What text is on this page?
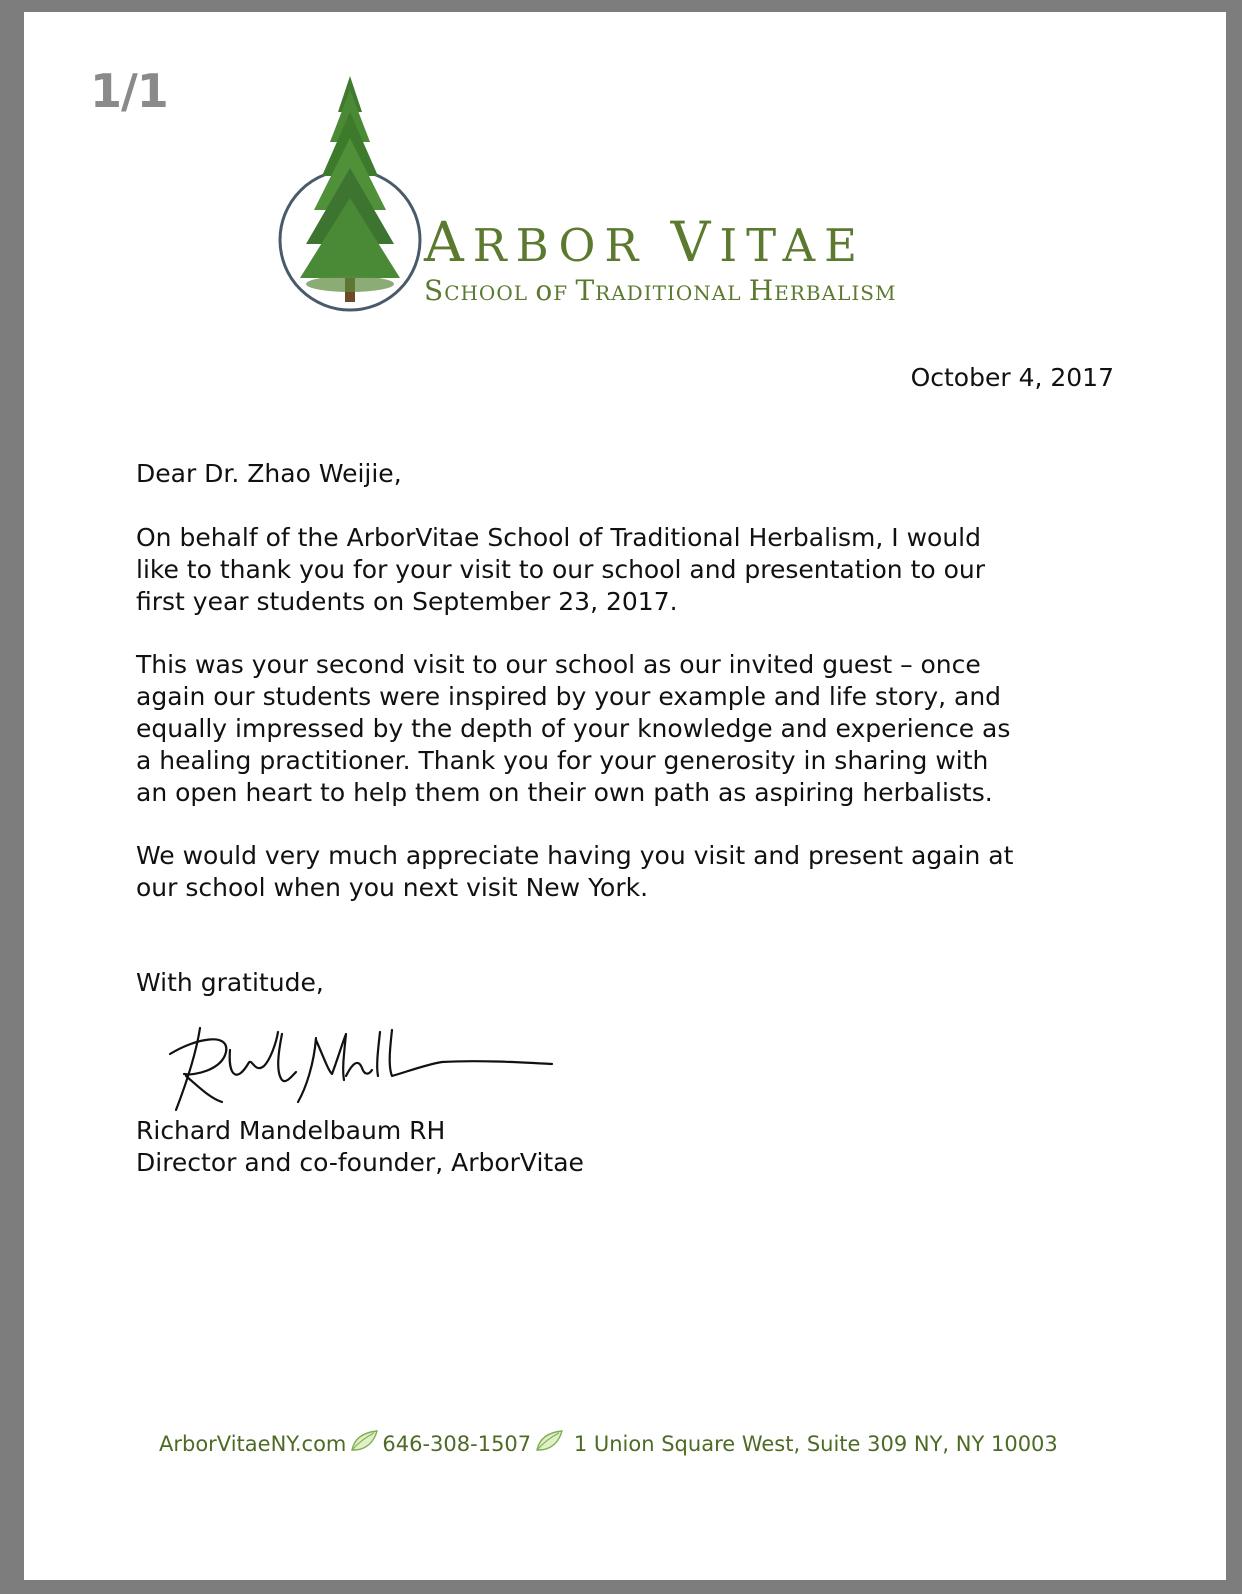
1/1
ARBOR VITAE
SCHOOL oF TRADITIONAL HERBALISM
October 4, 2017
Dear Dr. Zhao Weijie,
On behalf of the ArborVitae School of Traditional Herbalism, I would
like to thank you for your visit to our school and presentation to our
first year students on September 23, 2017.
This was your second visit to our school as our invited guest – once
again our students were inspired by your example and life story, and
equally impressed by the depth of your knowledge and experience as
a healing practitioner. Thank you for your generosity in sharing with
an open heart to help them on their own path as aspiring herbalists.
We would very much appreciate having you visit and present again at
our school when you next visit New York.
With gratitude,
Richard Mandelbaum RH
Director and co-founder, ArborVitae
ArborVitaeNY.com 646-308-1507 1 Union Square West, Suite 309 NY, NY 10003
